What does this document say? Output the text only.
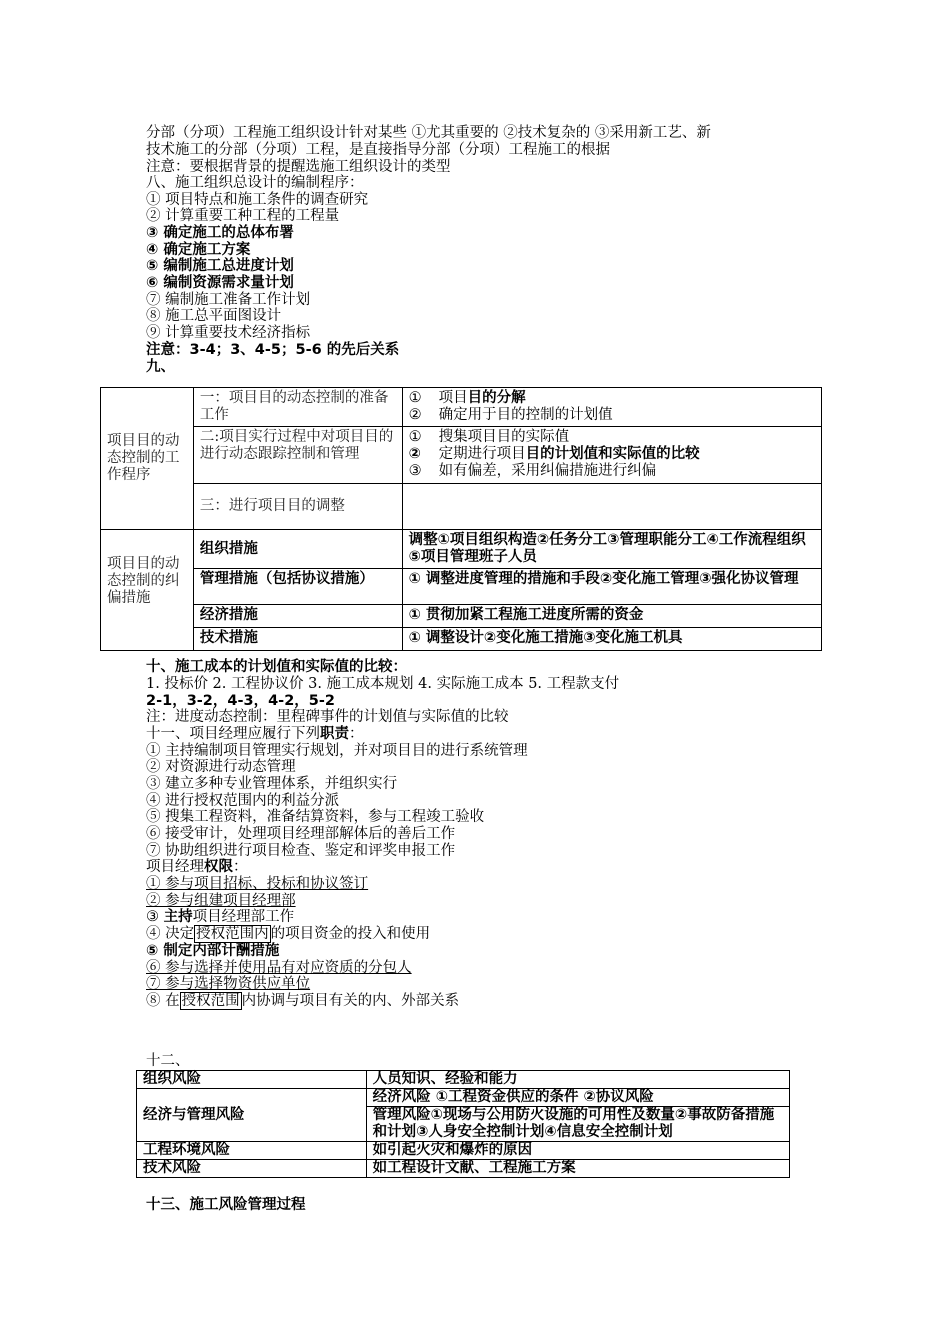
分部（分项）工程施工组织设计针对某些 ①尤其重要的 ②技术复杂的 ③采用新工艺、新
技术施工的分部（分项）工程，是直接指导分部（分项）工程施工的根据
注意：要根据背景的提醒选施工组织设计的类型
八、施工组织总设计的编制程序：
① 项目特点和施工条件的调查研究
② 计算重要工种工程的工程量
③ 确定施工的总体布署
④ 确定施工方案
⑤ 编制施工总进度计划
⑥ 编制资源需求量计划
⑦ 编制施工准备工作计划
⑧ 施工总平面图设计
⑨ 计算重要技术经济指标
注意：3-4；3、4-5；5-6 的先后关系
九、
项目目的动态控制的工作程序	一：项目目的动态控制的准备工作	① 项目目的分解
② 确定用于目的控制的计划值

	二:项目实行过程中对项目目的进行动态跟踪控制和管理	① 搜集项目目的实际值
② 定期进行项目目的计划值和实际值的比较
③ 如有偏差，采用纠偏措施进行纠偏

	三：进行项目目的调整	
项目目的动态控制的纠偏措施	组织措施	调整①项目组织构造②任务分工③管理职能分工④工作流程组织⑤项目管理班子人员
	管理措施（包括协议措施）	① 调整进度管理的措施和手段②变化施工管理③强化协议管理
	经济措施	① 贯彻加紧工程施工进度所需的资金
	技术措施	① 调整设计②变化施工措施③变化施工机具
十、施工成本的计划值和实际值的比较：
1. 投标价 2. 工程协议价 3. 施工成本规划 4. 实际施工成本 5. 工程款支付
2-1，3-2，4-3，4-2，5-2
注：进度动态控制：里程碑事件的计划值与实际值的比较
十一、项目经理应履行下列职责：
① 主持编制项目管理实行规划，并对项目目的进行系统管理
② 对资源进行动态管理
③ 建立多种专业管理体系，并组织实行
④ 进行授权范围内的利益分派
⑤ 搜集工程资料，准备结算资料，参与工程竣工验收
⑥ 接受审计，处理项目经理部解体后的善后工作
⑦ 协助组织进行项目检查、鉴定和评奖申报工作
项目经理权限：
① 参与项目招标、投标和协议签订
② 参与组建项目经理部
③ 主持项目经理部工作
④ 决定 授权范围内 的项目资金的投入和使用
⑤ 制定内部计酬措施
⑥ 参与选择并使用品有对应资质的分包人
⑦ 参与选择物资供应单位
⑧ 在 授权范围 内协调与项目有关的内、外部关系
十二、
组织风险	人员知识、经验和能力
经济与管理风险	经济风险 ①工程资金供应的条件 ②协议风险
	管理风险①现场与公用防火设施的可用性及数量②事故防备措施和计划③人身安全控制计划④信息安全控制计划
工程环境风险	如引起火灾和爆炸的原因
技术风险	如工程设计文献、工程施工方案
十三、施工风险管理过程
